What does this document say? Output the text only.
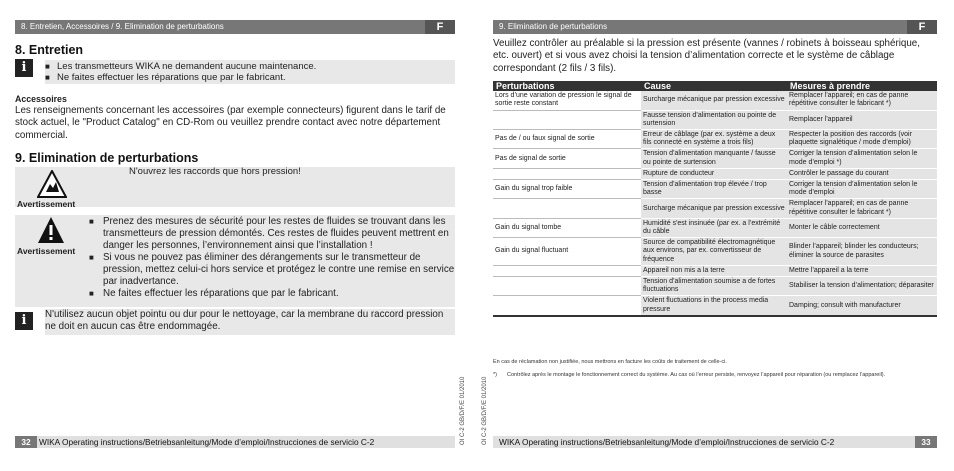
8. Entretien, Accessoires / 9. Elimination de perturbations	F
8. Entretien
i	■ Les transmetteurs WIKA ne demandent aucune maintenance.
■ Ne faites effectuer les réparations que par le fabricant.
Accessoires
Les renseignements concernant les accessoires (par exemple connecteurs) figurent dans le tarif de stock actuel, le "Product Catalog" en CD-Rom ou veuillez prendre contact avec notre département commercial.
9. Elimination de perturbations
Avertissement
N'ouvrez les raccords que hors pression!
Avertissement
■ Prenez des mesures de sécurité pour les restes de fluides se trouvant dans les transmetteurs de pression démontés. Ces restes de fluides peuvent mettrent en danger les personnes, l’environnement ainsi que l’installation !
■ Si vous ne pouvez pas éliminer des dérangements sur le transmetteur de pression, mettez celui-ci hors service et protégez le contre une remise en service par inadvertance.
■ Ne faites effectuer les réparations que par le fabricant.
i	N'utilisez aucun objet pointu ou dur pour le nettoyage, car la membrane du raccord pression ne doit en aucun cas être endommagée.
32	WIKA Operating instructions/Betriebsanleitung/Mode d’emploi/Instrucciones de servicio C-2	OI C-2 GB/D/F/E 01/2010	OI C-2 GB/D/F/E 01/2010
9. Elimination de perturbations	F
Veuillez contrôler au préalable si la pression est présente (vannes / robinets à boisseau sphérique, etc. ouvert) et si vous avez choisi la tension d’alimentation correcte et le système de câblage correspondant (2 fils / 3 fils).
Perturbations	Cause	Mesures à prendre
Lors d’une variation de pression le signal de sortie reste constant	Surcharge mécanique par pression excessive	Remplacer l'appareil; en cas de panne répétitive consulter le fabricant *)
	Fausse tension d’alimentation ou pointe de surtension	Remplacer l'appareil
Pas de / ou faux signal de sortie	Erreur de câblage (par ex. système a deux fils connecté en système a trois fils)	Respecter la position des raccords (voir plaquette signalétique / mode d’emploi)
Pas de signal de sortie	Tension d’alimentation manquante / fausse ou pointe de surtension	Corriger la tension d’alimentation selon le mode d’emploi *)
	Rupture de conducteur	Contrôler le passage du courant
Gain du signal trop faible	Tension d’alimentation trop élevée / trop basse	Corriger la tension d’alimentation selon le mode d’emploi
	Surcharge mécanique par pression excessive	Remplacer l'appareil; en cas de panne répétitive consulter le fabricant *)
Gain du signal tombe	Humidité s'est insinuée (par ex. a l’extrémité du câble	Monter le câble correctement
Gain du signal fluctuant	Source de compatibilité électromagnétique aux environs, par ex. convertisseur de fréquence	Blinder l’appareil; blinder les conducteurs; éliminer la source de parasites
	Appareil non mis a la terre	Mettre l’appareil a la terre
	Tension d’alimentation soumise a de fortes fluctuations	Stabiliser la tension d’alimentation; déparasiter
	Violent fluctuations in the process media pressure	Damping; consult with manufacturer
En cas de réclamation non justifiée, nous mettrons en facture les coûts de traitement de celle-ci.
*) Contrôlez après le montage le fonctionnement correct du système. Au cas où l’erreur persiste, renvoyez l’appareil pour réparation (ou remplacez l’appareil).
WIKA Operating instructions/Betriebsanleitung/Mode d’emploi/Instrucciones de servicio C-2	33
